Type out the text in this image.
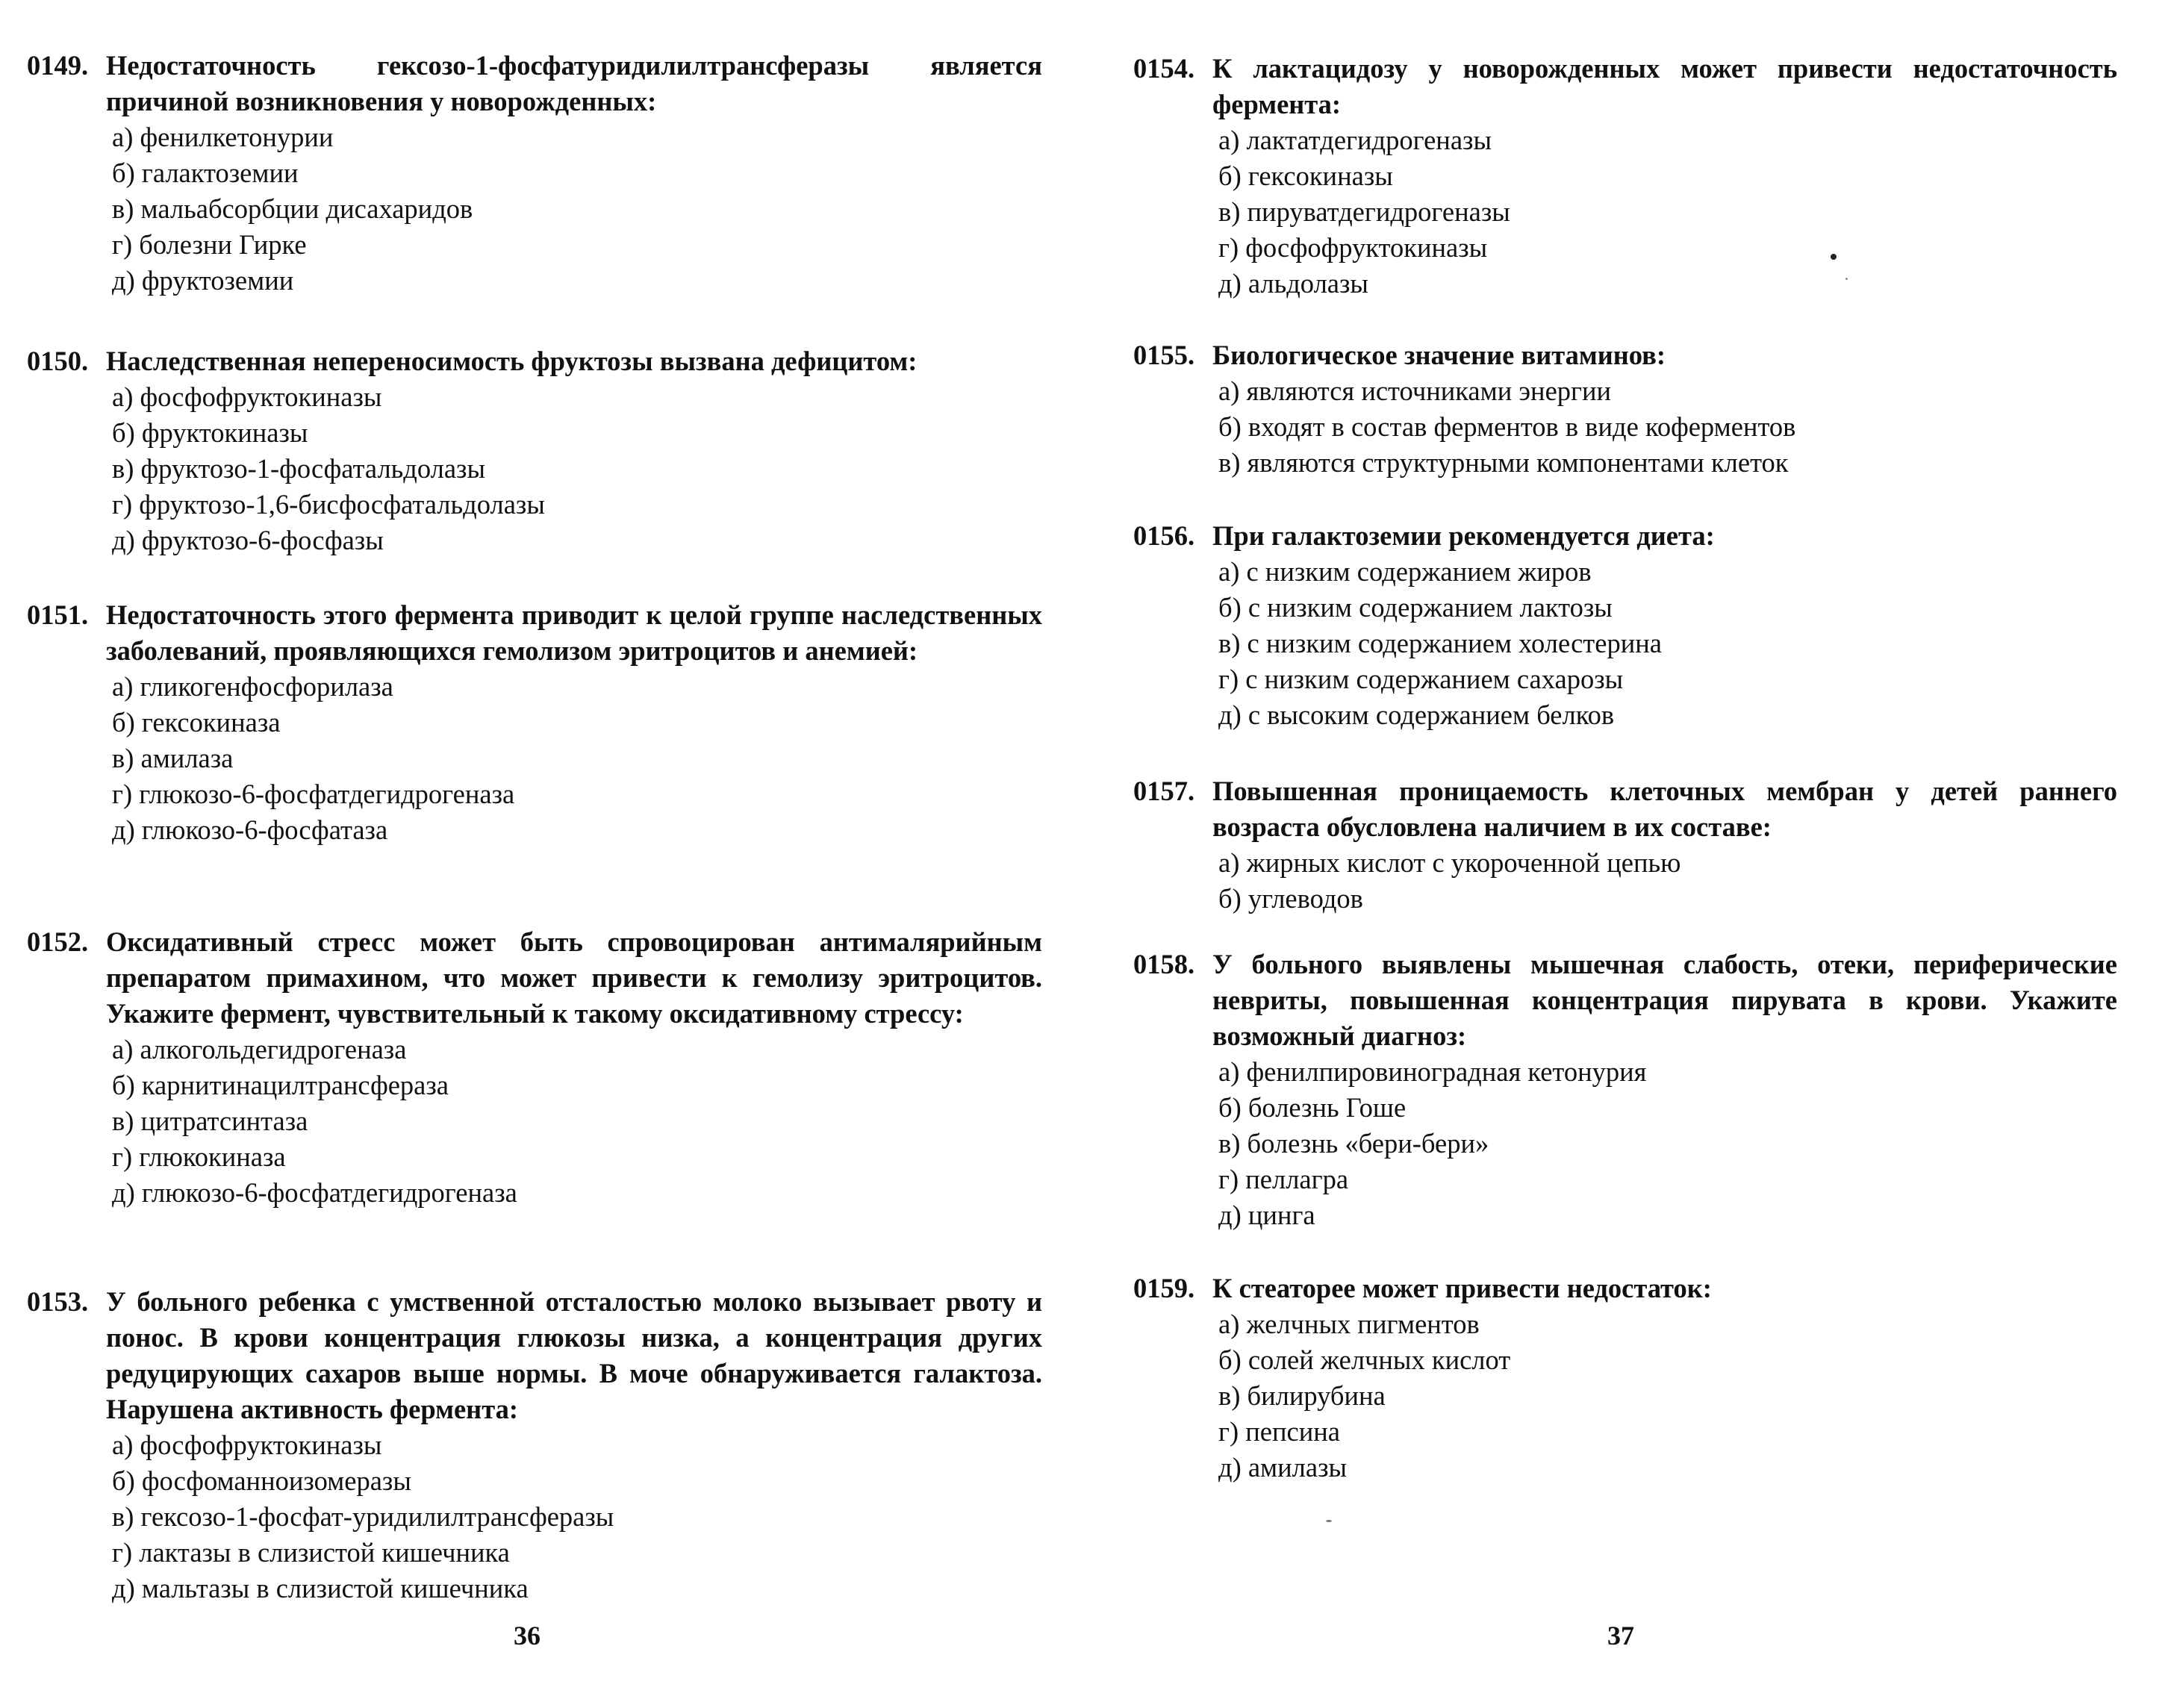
0149. Недостаточность гексозо-1-фосфатуридилилтрансферазы является причиной возникновения у новорожденных:
а) фенилкетонурии
б) галактоземии
в) мальабсорбции дисахаридов
г) болезни Гирке
д) фруктоземии
0150. Наследственная непереносимость фруктозы вызвана дефицитом:
а) фосфофруктокиназы
б) фруктокиназы
в) фруктозо-1-фосфатальдолазы
г) фруктозо-1,6-бисфосфатальдолазы
д) фруктозо-6-фосфазы
0151. Недостаточность этого фермента приводит к целой группе наследственных заболеваний, проявляющихся гемолизом эритроцитов и анемией:
а) гликогенфосфорилаза
б) гексокиназа
в) амилаза
г) глюкозо-6-фосфатдегидрогеназа
д) глюкозо-6-фосфатаза
0152. Оксидативный стресс может быть спровоцирован антималярийным препаратом примахином, что может привести к гемолизу эритроцитов. Укажите фермент, чувствительный к такому оксидативному стрессу:
а) алкогольдегидрогеназа
б) карнитинацилтрансфераза
в) цитратсинтаза
г) глюкокиназа
д) глюкозо-6-фосфатдегидрогеназа
0153. У больного ребенка с умственной отсталостью молоко вызывает рвоту и понос. В крови концентрация глюкозы низка, а концентрация других редуцирующих сахаров выше нормы. В моче обнаруживается галактоза. Нарушена активность фермента:
а) фосфофруктокиназы
б) фосфоманноизомеразы
в) гексозо-1-фосфат-уридилилтрансферазы
г) лактазы в слизистой кишечника
д) мальтазы в слизистой кишечника
36
0154. К лактацидозу у новорожденных может привести недостаточность фермента:
а) лактатдегидрогеназы
б) гексокиназы
в) пируватдегидрогеназы
г) фосфофруктокиназы
д) альдолазы
0155. Биологическое значение витаминов:
а) являются источниками энергии
б) входят в состав ферментов в виде коферментов
в) являются структурными компонентами клеток
0156. При галактоземии рекомендуется диета:
а) с низким содержанием жиров
б) с низким содержанием лактозы
в) с низким содержанием холестерина
г) с низким содержанием сахарозы
д) с высоким содержанием белков
0157. Повышенная проницаемость клеточных мембран у детей раннего возраста обусловлена наличием в их составе:
а) жирных кислот с укороченной цепью
б) углеводов
0158. У больного выявлены мышечная слабость, отеки, периферические невриты, повышенная концентрация пирувата в крови. Укажите возможный диагноз:
а) фенилпировиноградная кетонурия
б) болезнь Гоше
в) болезнь «бери-бери»
г) пеллагра
д) цинга
0159. К стеаторее может привести недостаток:
а) желчных пигментов
б) солей желчных кислот
в) билирубина
г) пепсина
д) амилазы
37
